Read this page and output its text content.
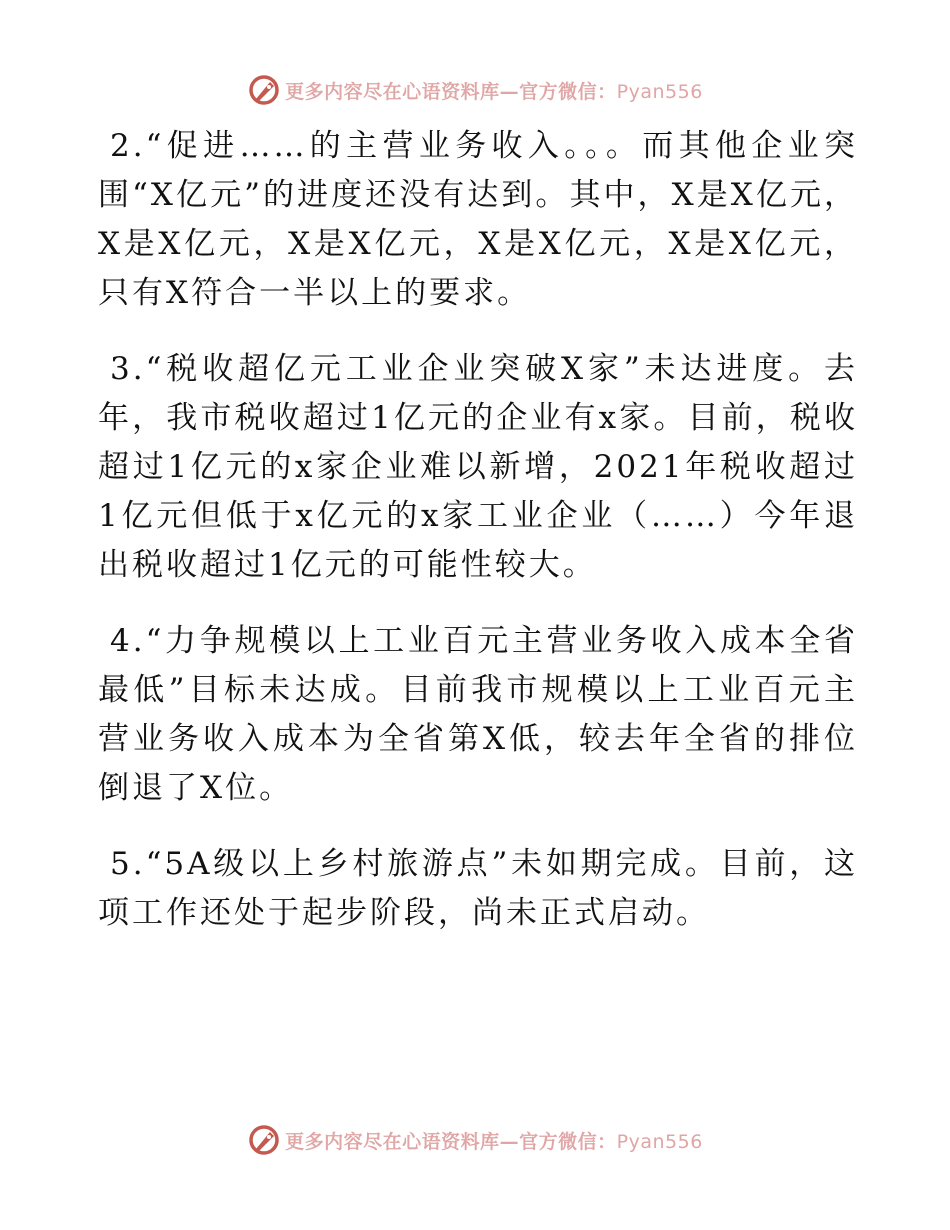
更多内容尽在心语资料库—官方微信：Pyan556

2.“促进……的主营业务收入。。。而其他企业突围“X亿元”的进度还没有达到。其中，X是X亿元，X是X亿元，X是X亿元，X是X亿元，X是X亿元，只有X符合一半以上的要求。

3.“税收超亿元工业企业突破X家”未达进度。去年，我市税收超过1亿元的企业有x家。目前，税收超过1亿元的x家企业难以新增，2021年税收超过1亿元但低于x亿元的x家工业企业（……）今年退出税收超过1亿元的可能性较大。

4.“力争规模以上工业百元主营业务收入成本全省最低”目标未达成。目前我市规模以上工业百元主营业务收入成本为全省第X低，较去年全省的排位倒退了X位。

5.“5A级以上乡村旅游点”未如期完成。目前，这项工作还处于起步阶段，尚未正式启动。

更多内容尽在心语资料库—官方微信：Pyan556
